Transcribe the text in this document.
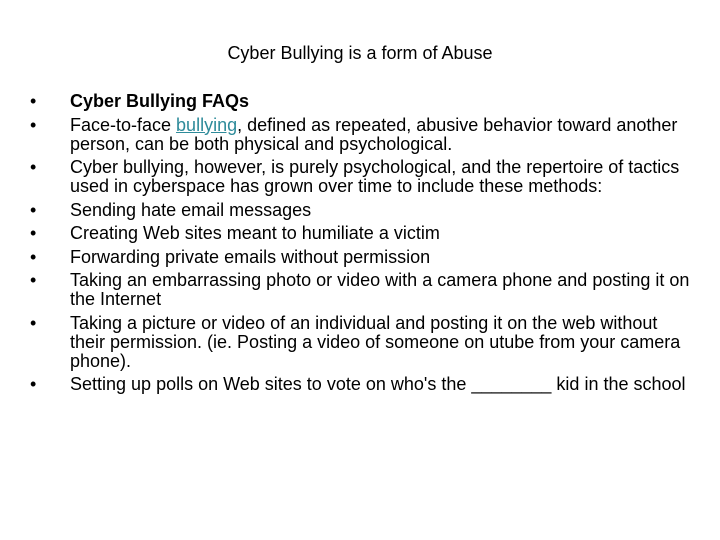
Cyber Bullying is a form of Abuse
•	Cyber Bullying FAQs
•	Face-to-face bullying, defined as repeated, abusive behavior toward another person, can be both physical and psychological.
•	Cyber bullying, however, is purely psychological, and the repertoire of tactics used in cyberspace has grown over time to include these methods:
•	Sending hate email messages
•	Creating Web sites meant to humiliate a victim
•	Forwarding private emails without permission
•	Taking an embarrassing photo or video with a camera phone and posting it on the Internet
•	Taking a picture or video of an individual and posting it on the web without their permission. (ie. Posting a video of someone on utube from your camera phone).
•	Setting up polls on Web sites to vote on who's the ________ kid in the school
